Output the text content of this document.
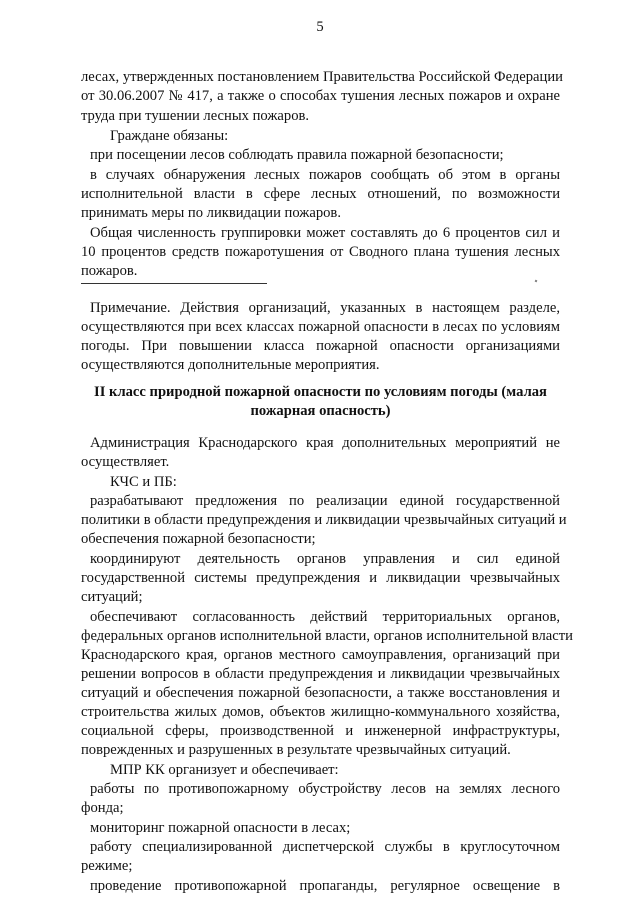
5
лесах, утвержденных постановлением Правительства Российской Федерации
от 30.06.2007 № 417, а также о способах тушения лесных пожаров и охране
труда при тушении лесных пожаров.
Граждане обязаны:
при посещении лесов соблюдать правила пожарной безопасности;
в случаях обнаружения лесных пожаров сообщать об этом в органы
исполнительной власти в сфере лесных отношений, по возможности
принимать меры по ликвидации пожаров.
Общая численность группировки может составлять до 6 процентов сил и
10 процентов средств пожаротушения от Сводного плана тушения лесных
пожаров.
Примечание. Действия организаций, указанных в настоящем разделе,
осуществляются при всех классах пожарной опасности в лесах по условиям
погоды. При повышении класса пожарной опасности организациями
осуществляются дополнительные мероприятия.
II класс природной пожарной опасности по условиям погоды (малая
пожарная опасность)
Администрация Краснодарского края дополнительных мероприятий не
осуществляет.
КЧС и ПБ:
разрабатывают предложения по реализации единой государственной
политики в области предупреждения и ликвидации чрезвычайных ситуаций и
обеспечения пожарной безопасности;
координируют деятельность органов управления и сил единой
государственной системы предупреждения и ликвидации чрезвычайных
ситуаций;
обеспечивают согласованность действий территориальных органов,
федеральных органов исполнительной власти, органов исполнительной власти
Краснодарского края, органов местного самоуправления, организаций при
решении вопросов в области предупреждения и ликвидации чрезвычайных
ситуаций и обеспечения пожарной безопасности, а также восстановления и
строительства жилых домов, объектов жилищно-коммунального хозяйства,
социальной сферы, производственной и инженерной инфраструктуры,
поврежденных и разрушенных в результате чрезвычайных ситуаций.
МПР КК организует и обеспечивает:
работы по противопожарному обустройству лесов на землях лесного
фонда;
мониторинг пожарной опасности в лесах;
работу специализированной диспетчерской службы в круглосуточном
режиме;
проведение противопожарной пропаганды, регулярное освещение в
